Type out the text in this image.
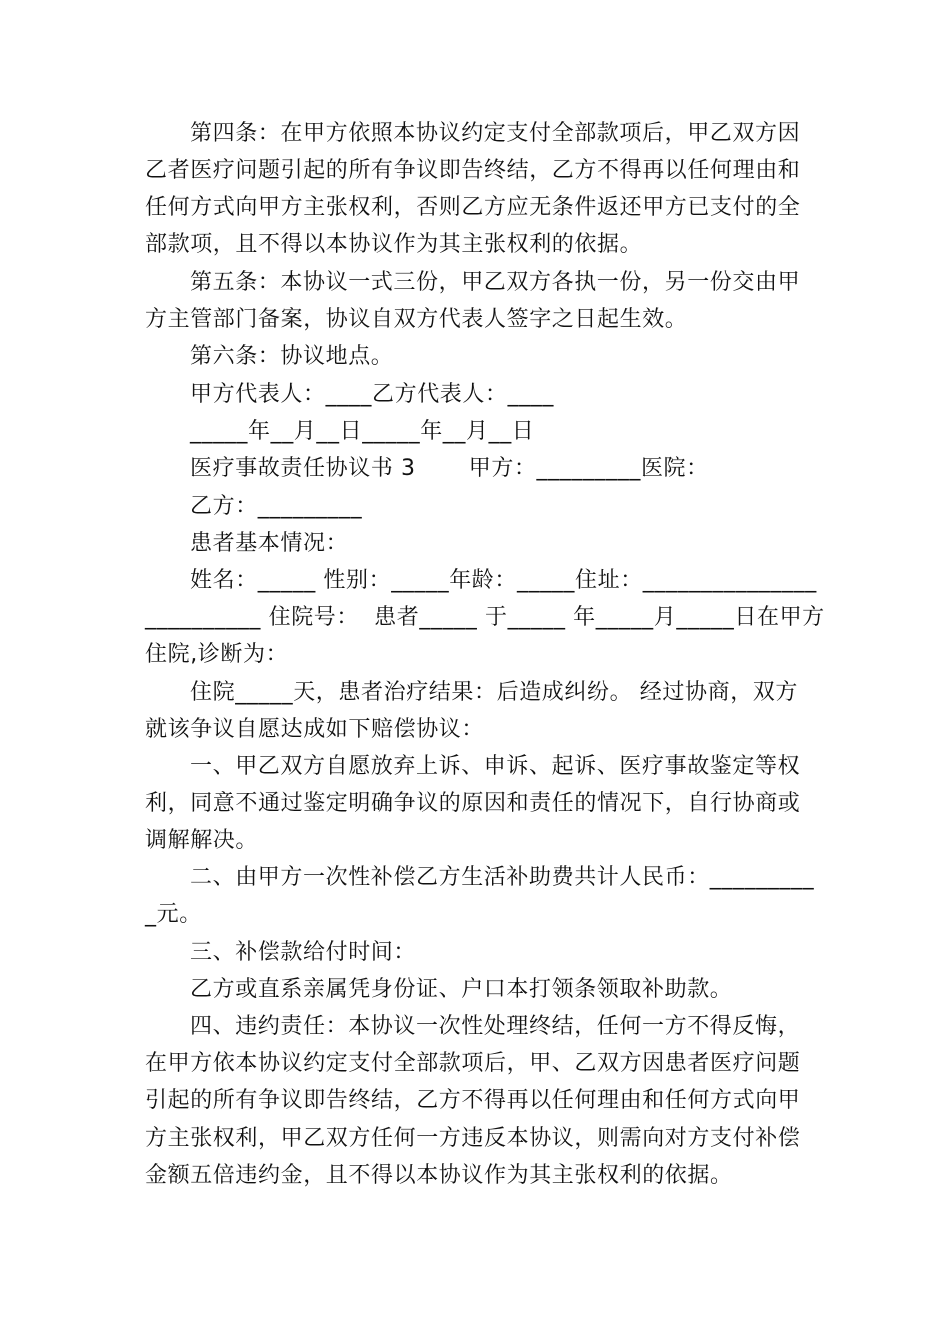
第四条：在甲方依照本协议约定支付全部款项后，甲乙双方因
乙者医疗问题引起的所有争议即告终结，乙方不得再以任何理由和
任何方式向甲方主张权利，否则乙方应无条件返还甲方已支付的全
部款项，且不得以本协议作为其主张权利的依据。
第五条：本协议一式三份，甲乙双方各执一份，另一份交由甲
方主管部门备案，协议自双方代表人签字之日起生效。
第六条：协议地点。
甲方代表人：____乙方代表人：____
_____年__月__日_____年__月__日
医疗事故责任协议书 3       甲方：_________医院：
乙方：_________
患者基本情况：
姓名：_____ 性别：_____年龄：_____住址：_______________
__________ 住院号：  患者_____ 于_____ 年_____月_____日在甲方
住院,诊断为：
住院_____天，患者治疗结果：后造成纠纷。 经过协商，双方
就该争议自愿达成如下赔偿协议：
一、甲乙双方自愿放弃上诉、申诉、起诉、医疗事故鉴定等权
利，同意不通过鉴定明确争议的原因和责任的情况下，自行协商或
调解解决。
二、由甲方一次性补偿乙方生活补助费共计人民币：_________
_元。
三、补偿款给付时间：
乙方或直系亲属凭身份证、户口本打领条领取补助款。
四、违约责任：本协议一次性处理终结，任何一方不得反悔，
在甲方依本协议约定支付全部款项后，甲、乙双方因患者医疗问题
引起的所有争议即告终结，乙方不得再以任何理由和任何方式向甲
方主张权利，甲乙双方任何一方违反本协议，则需向对方支付补偿
金额五倍违约金，且不得以本协议作为其主张权利的依据。
